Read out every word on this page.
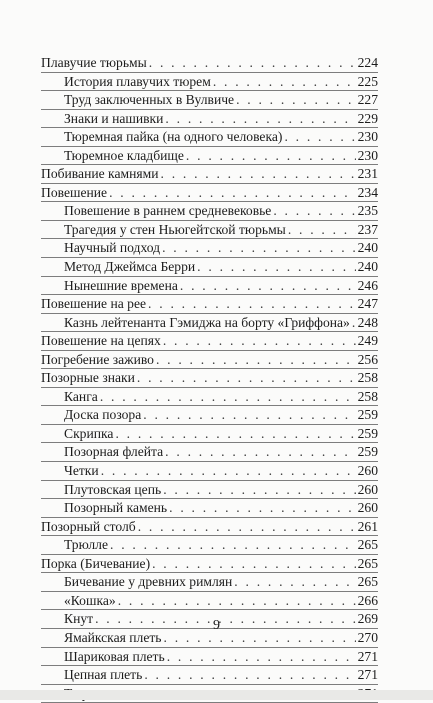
Плавучие тюрьмы . . .	224
История плавучих тюрем . . .	225
Труд заключенных в Вулвиче . . .	227
Знаки и нашивки . . .	229
Тюремная пайка (на одного человека) . . .	230
Тюремное кладбище . . .	230
Побивание камнями . . .	231
Повешение . . .	234
Повешение в раннем средневековье . . .	235
Трагедия у стен Ньюгейтской тюрьмы . . .	237
Научный подход . . .	240
Метод Джеймса Берри . . .	240
Нынешние времена . . .	246
Повешение на рее . . .	247
Казнь лейтенанта Гэмиджа на борту «Гриффона» . . . 248
Повешение на цепях . . .	249
Погребение заживо . . .	256
Позорные знаки . . .	258
Канга . . .	258
Доска позора . . .	259
Скрипка . . .	259
Позорная флейта . . .	259
Четки . . .	260
Плутовская цепь . . .	260
Позорный камень . . .	260
Позорный столб . . .	261
Трюлле . . .	265
Порка (Бичевание) . . .	265
Бичевание у древних римлян . . .	265
«Кошка» . . .	266
Кнут . . .	269
Ямайкская плеть . . .	270
Шариковая плеть . . .	271
Цепная плеть . . .	271
. . .
9
